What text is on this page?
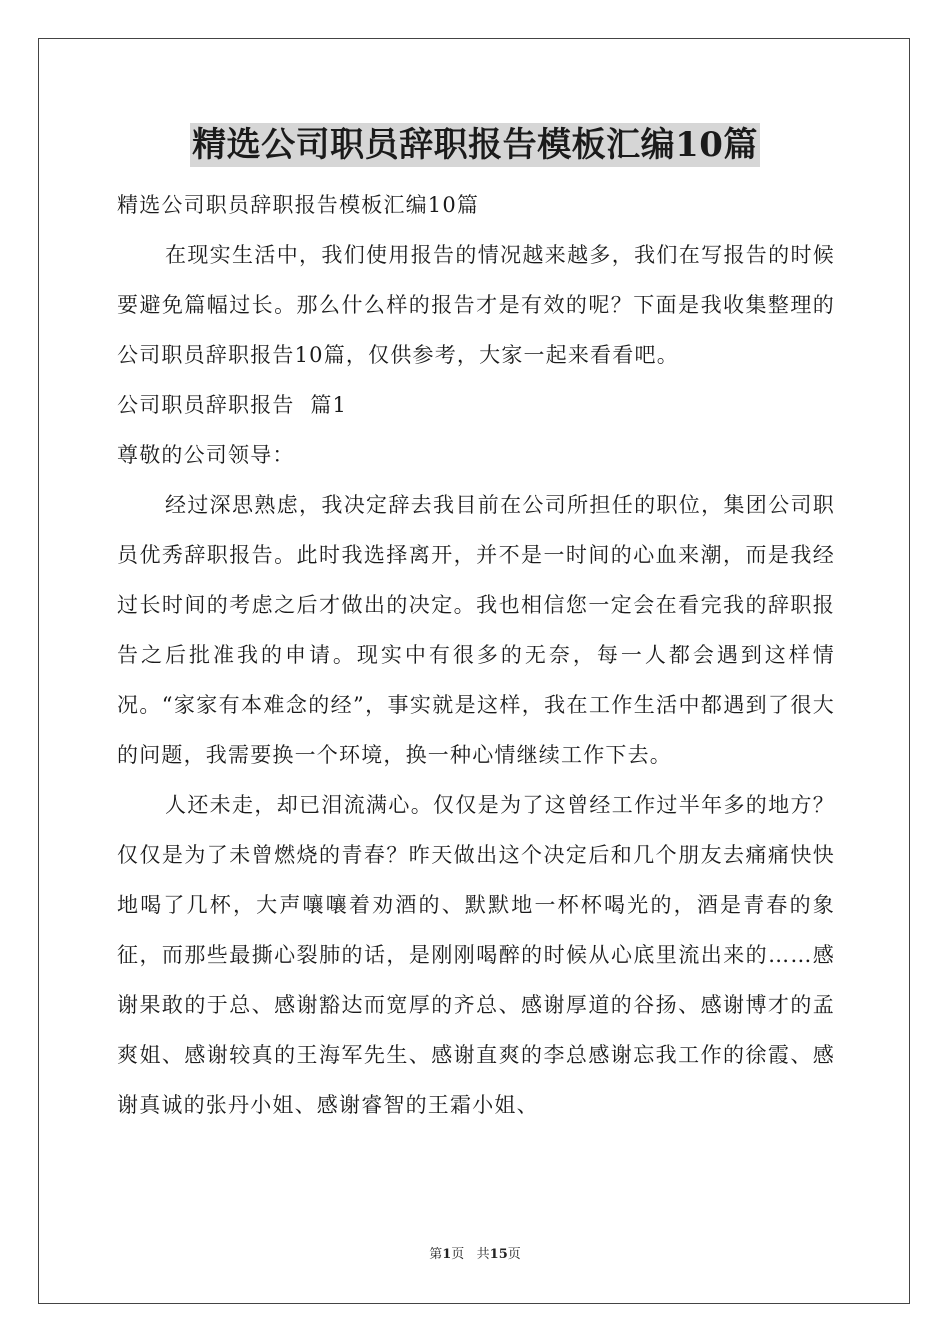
精选公司职员辞职报告模板汇编10篇

精选公司职员辞职报告模板汇编10篇

在现实生活中，我们使用报告的情况越来越多，我们在写报告的时候要避免篇幅过长。那么什么样的报告才是有效的呢？下面是我收集整理的公司职员辞职报告10篇，仅供参考，大家一起来看看吧。

公司职员辞职报告  篇1

尊敬的公司领导：

经过深思熟虑，我决定辞去我目前在公司所担任的职位，集团公司职员优秀辞职报告。此时我选择离开，并不是一时间的心血来潮，而是我经过长时间的考虑之后才做出的决定。我也相信您一定会在看完我的辞职报告之后批准我的申请。现实中有很多的无奈，每一人都会遇到这样情况。“家家有本难念的经”，事实就是这样，我在工作生活中都遇到了很大的问题，我需要换一个环境，换一种心情继续工作下去。

人还未走，却已泪流满心。仅仅是为了这曾经工作过半年多的地方？仅仅是为了未曾燃烧的青春？昨天做出这个决定后和几个朋友去痛痛快快地喝了几杯，大声嚷嚷着劝酒的、默默地一杯杯喝光的，酒是青春的象征，而那些最撕心裂肺的话，是刚刚喝醉的时候从心底里流出来的……感谢果敢的于总、感谢豁达而宽厚的齐总、感谢厚道的谷扬、感谢博才的孟爽姐、感谢较真的王海军先生、感谢直爽的李总感谢忘我工作的徐霞、感谢真诚的张丹小姐、感谢睿智的王霜小姐、

第1页   共15页
